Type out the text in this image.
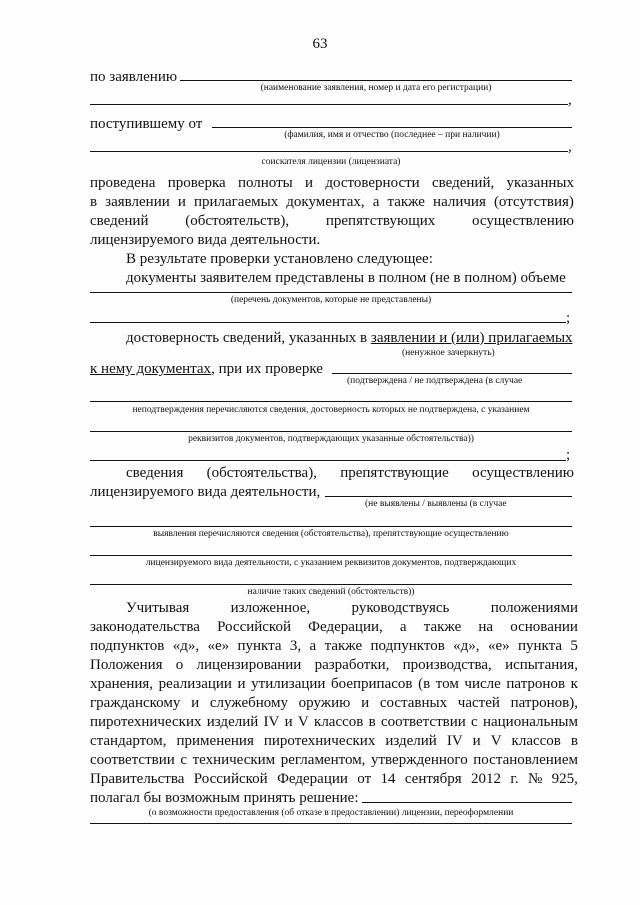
63
по заявлению
(наименование заявления, номер и дата его регистрации)
,
поступившему от
(фамилия, имя и отчество (последнее – при наличии)
,
соискателя лицензии (лицензиата)
проведена проверка полноты и достоверности сведений, указанных
в заявлении и прилагаемых документах, а также наличия (отсутствия)
сведений (обстоятельств), препятствующих осуществлению
лицензируемого вида деятельности.
В результате проверки установлено следующее:
документы заявителем представлены в полном (не в полном) объеме
(перечень документов, которые не представлены)
;
достоверность сведений, указанных в заявлении и (или) прилагаемых
(ненужное зачеркнуть)
к нему документах, при их проверке
(подтверждена / не подтверждена (в случае
неподтверждения перечисляются сведения, достоверность которых не подтверждена, с указанием
реквизитов документов, подтверждающих указанные обстоятельства))
;
сведения (обстоятельства), препятствующие осуществлению
лицензируемого вида деятельности,
(не выявлены / выявлены (в случае
выявления перечисляются сведения (обстоятельства), препятствующие осуществлению
лицензируемого вида деятельности, с указанием реквизитов документов, подтверждающих
наличие таких сведений (обстоятельств))
Учитывая	изложенное,	руководствуясь	положениями
законодательства Российской Федерации, а также на основании
подпунктов «д», «е» пункта 3, а также подпунктов «д», «е» пункта 5
Положения о лицензировании разработки, производства, испытания,
хранения, реализации и утилизации боеприпасов (в том числе патронов к
гражданскому и служебному оружию и составных частей патронов),
пиротехнических изделий IV и V классов в соответствии с национальным
стандартом, применения пиротехнических изделий IV и V классов в
соответствии с техническим регламентом, утвержденного постановлением
Правительства Российской Федерации от 14 сентября 2012 г. № 925,
полагал бы возможным принять решение:
(о возможности предоставления (об отказе в предоставлении) лицензии, переоформлении
